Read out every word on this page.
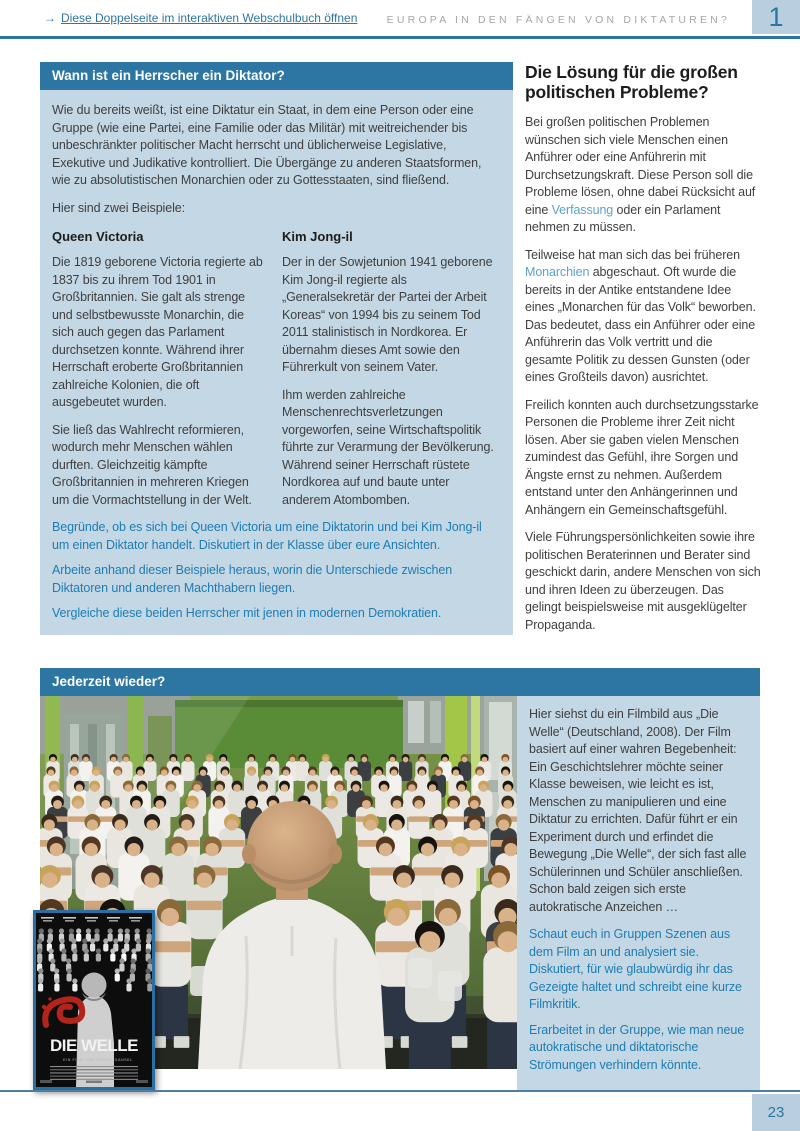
→ Diese Doppelseite im interaktiven Webschulbuch öffnen	EUROPA IN DEN FÄNGEN VON DIKTATUREN? 1
Wann ist ein Herrscher ein Diktator?

Wie du bereits weißt, ist eine Diktatur ein Staat, in dem eine Person oder eine Gruppe (wie eine Partei, eine Familie oder das Militär) mit weitreichender bis unbeschränkter politischer Macht herrscht und üblicherweise Legislative, Exekutive und Judikative kontrolliert. Die Übergänge zu anderen Staatsformen, wie zu absolutistischen Monarchien oder zu Gottesstaaten, sind fließend.

Hier sind zwei Beispiele:

Queen Victoria

Die 1819 geborene Victoria regierte ab 1837 bis zu ihrem Tod 1901 in Großbritannien. Sie galt als strenge und selbstbewusste Monarchin, die sich auch gegen das Parlament durchsetzen konnte. Während ihrer Herrschaft eroberte Großbritannien zahlreiche Kolonien, die oft ausgebeutet wurden.

Sie ließ das Wahlrecht reformieren, wodurch mehr Menschen wählen durften. Gleichzeitig kämpfte Großbritannien in mehreren Kriegen um die Vormachtstellung in der Welt.

Kim Jong-il

Der in der Sowjetunion 1941 geborene Kim Jong-il regierte als „Generalsekretär der Partei der Arbeit Koreas“ von 1994 bis zu seinem Tod 2011 stalinistisch in Nordkorea. Er übernahm dieses Amt sowie den Führerkult von seinem Vater.

Ihm werden zahlreiche Menschenrechtsverletzungen vorgeworfen, seine Wirtschaftspolitik führte zur Verarmung der Bevölkerung. Während seiner Herrschaft rüstete Nordkorea auf und baute unter anderem Atombomben.

Begründe, ob es sich bei Queen Victoria um eine Diktatorin und bei Kim Jong-il um einen Diktator handelt. Diskutiert in der Klasse über eure Ansichten.

Arbeite anhand dieser Beispiele heraus, worin die Unterschiede zwischen Diktatoren und anderen Machthabern liegen.

Vergleiche diese beiden Herrscher mit jenen in modernen Demokratien.

Die Lösung für die großen politischen Probleme?

Bei großen politischen Problemen wünschen sich viele Menschen einen Anführer oder eine Anführerin mit Durchsetzungskraft. Diese Person soll die Probleme lösen, ohne dabei Rücksicht auf eine Verfassung oder ein Parlament nehmen zu müssen.

Teilweise hat man sich das bei früheren Monarchien abgeschaut. Oft wurde die bereits in der Antike entstandene Idee eines „Monarchen für das Volk“ beworben. Das bedeutet, dass ein Anführer oder eine Anführerin das Volk vertritt und die gesamte Politik zu dessen Gunsten (oder eines Großteils davon) ausrichtet.

Freilich konnten auch durchsetzungsstarke Personen die Probleme ihrer Zeit nicht lösen. Aber sie gaben vielen Menschen zumindest das Gefühl, ihre Sorgen und Ängste ernst zu nehmen. Außerdem entstand unter den Anhängerinnen und Anhängern ein Gemeinschaftsgefühl.

Viele Führungspersönlichkeiten sowie ihre politischen Beraterinnen und Berater sind geschickt darin, andere Menschen von sich und ihren Ideen zu überzeugen. Das gelingt beispielsweise mit ausgeklügelter Propaganda.

Jederzeit wieder?
DIE WELLE
EIN FILM VON DENNIS GANSEL

Hier siehst du ein Filmbild aus „Die Welle“ (Deutschland, 2008). Der Film basiert auf einer wahren Begebenheit: Ein Geschichtslehrer möchte seiner Klasse beweisen, wie leicht es ist, Menschen zu manipulieren und eine Diktatur zu errichten. Dafür führt er ein Experiment durch und erfindet die Bewegung „Die Welle“, der sich fast alle Schülerinnen und Schüler anschließen. Schon bald zeigen sich erste autokratische Anzeichen …

Schaut euch in Gruppen Szenen aus dem Film an und analysiert sie. Diskutiert, für wie glaubwürdig ihr das Gezeigte haltet und schreibt eine kurze Filmkritik.

Erarbeitet in der Gruppe, wie man neue autokratische und diktatorische Strömungen verhindern könnte.

23
